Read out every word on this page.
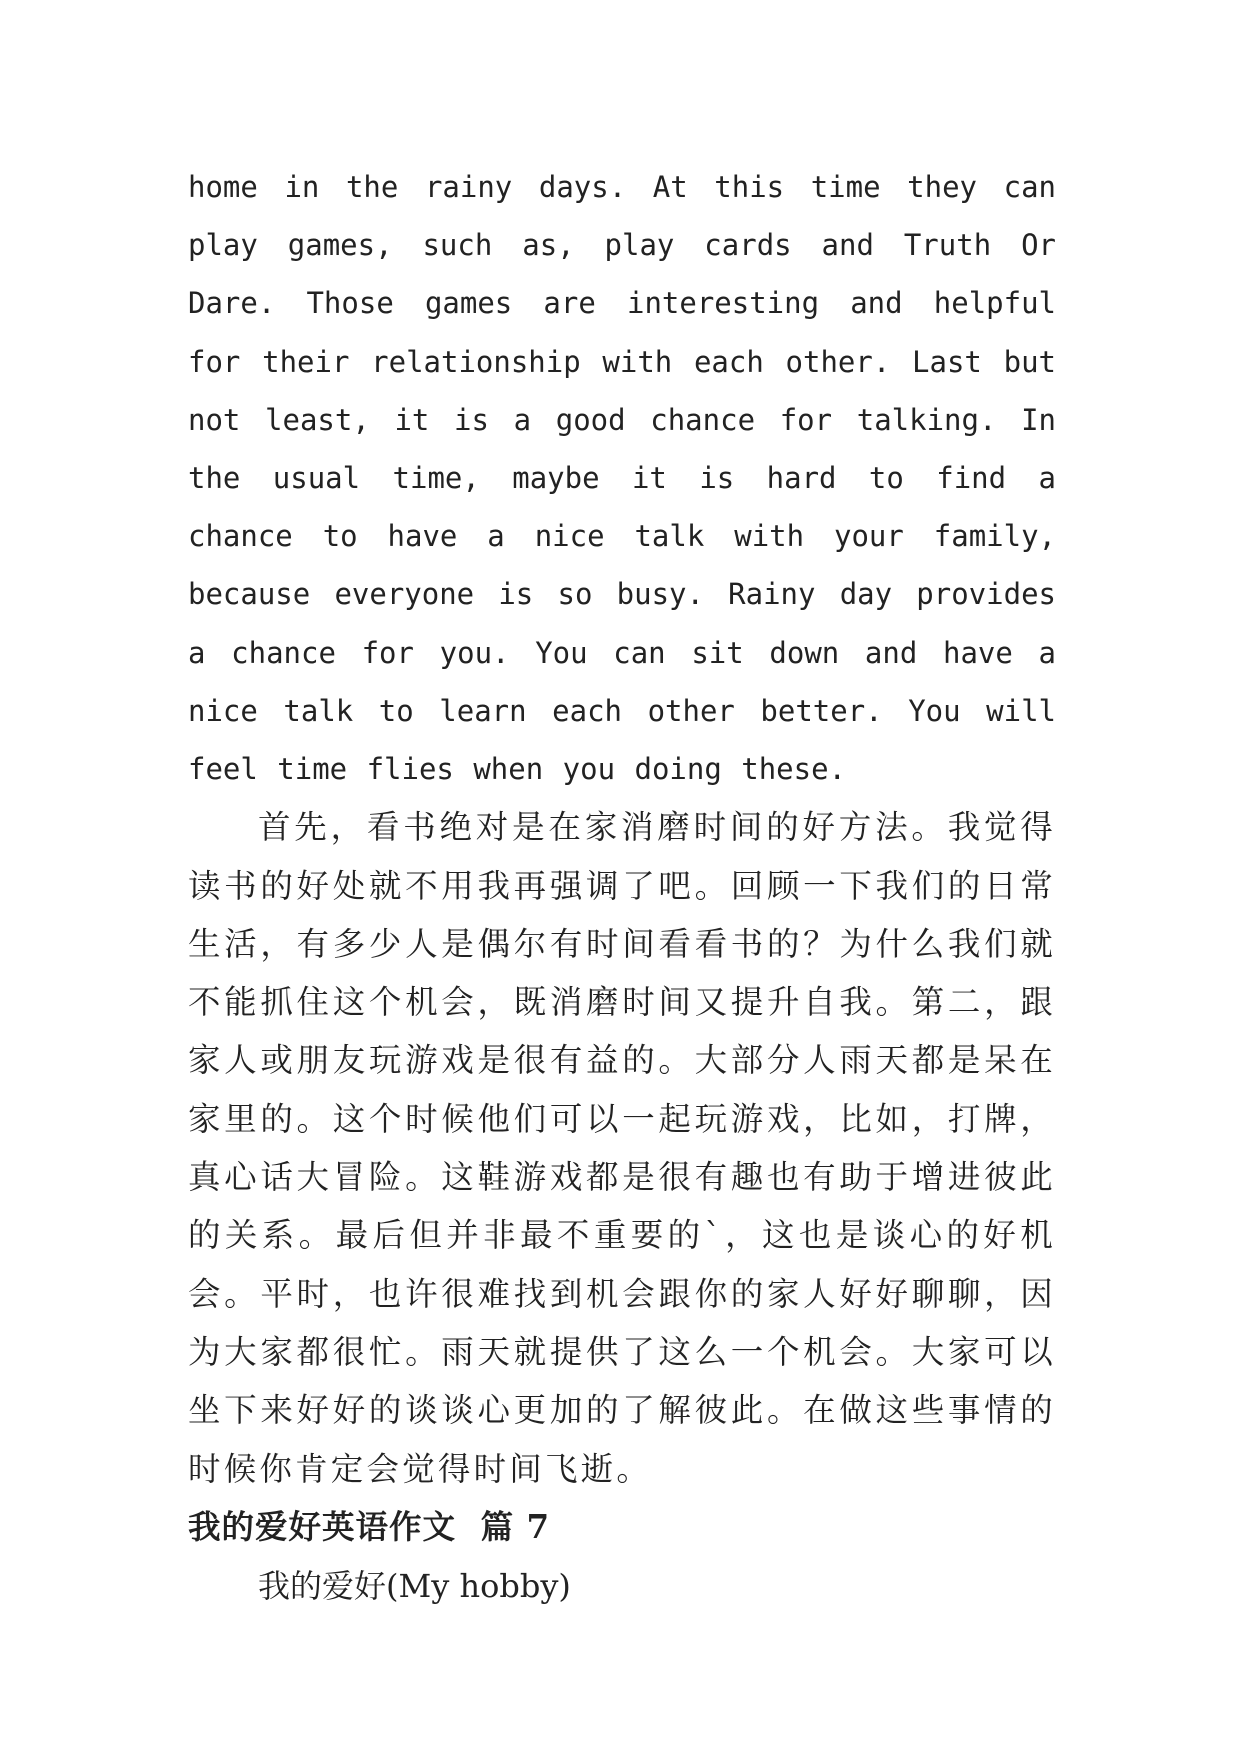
home in the rainy days. At this time they can play games, such as, play cards and Truth Or Dare. Those games are interesting and helpful for their relationship with each other. Last but not least, it is a good chance for talking. In the usual time, maybe it is hard to find a chance to have a nice talk with your family, because everyone is so busy. Rainy day provides a chance for you. You can sit down and have a nice talk to learn each other better. You will feel time flies when you doing these.

首先，看书绝对是在家消磨时间的好方法。我觉得读书的好处就不用我再强调了吧。回顾一下我们的日常生活，有多少人是偶尔有时间看看书的？为什么我们就不能抓住这个机会，既消磨时间又提升自我。第二，跟家人或朋友玩游戏是很有益的。大部分人雨天都是呆在家里的。这个时候他们可以一起玩游戏，比如，打牌，真心话大冒险。这鞋游戏都是很有趣也有助于增进彼此的关系。最后但并非最不重要的`，这也是谈心的好机会。平时，也许很难找到机会跟你的家人好好聊聊，因为大家都很忙。雨天就提供了这么一个机会。大家可以坐下来好好的谈谈心更加的了解彼此。在做这些事情的时候你肯定会觉得时间飞逝。

我的爱好英语作文  篇 7

我的爱好(My hobby)
